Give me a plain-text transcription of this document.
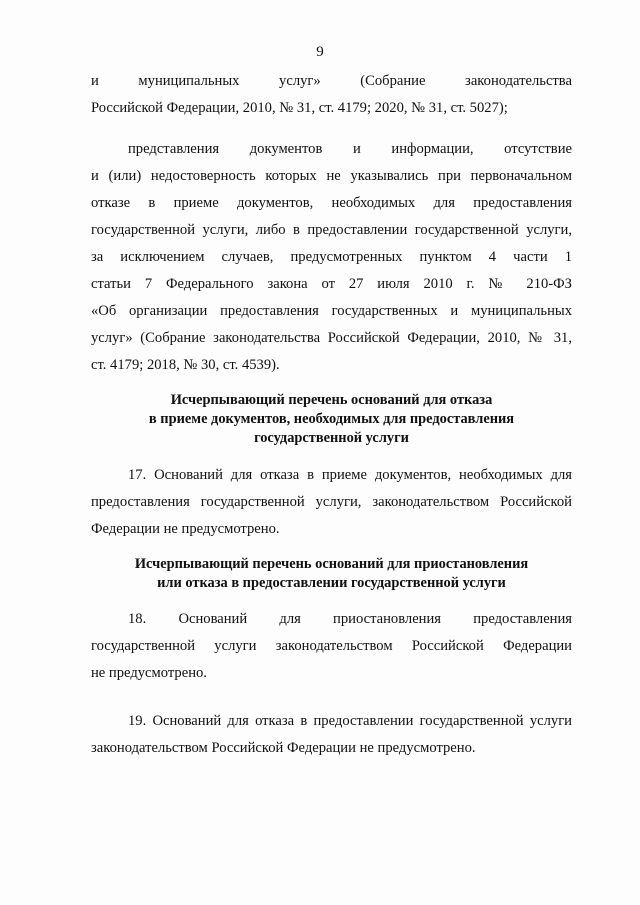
9

и муниципальных услуг» (Собрание законодательства
Российской Федерации, 2010, № 31, ст. 4179; 2020, № 31, ст. 5027);

представления документов и информации, отсутствие

и (или) недостоверность которых не указывались при первоначальном
отказе в приеме документов, необходимых для предоставления
государственной услуги, либо в предоставлении государственной услуги,
за исключением случаев, предусмотренных пунктом 4 части 1
статьи 7 Федерального закона от 27 июля 2010 г. № 210-ФЗ
«Об организации предоставления государственных и муниципальных
услуг» (Собрание законодательства Российской Федерации, 2010, № 31,
ст. 4179; 2018, № 30, ст. 4539).

Исчерпывающий перечень оснований для отказа
в приеме документов, необходимых для предоставления
государственной услуги

17. Оснований для отказа в приеме документов, необходимых для

предоставления государственной услуги, законодательством Российской
Федерации не предусмотрено.

Исчерпывающий перечень оснований для приостановления
или отказа в предоставлении государственной услуги

18. Оснований для приостановления предоставления

государственной услуги законодательством Российской Федерации
не предусмотрено.

19. Оснований для отказа в предоставлении государственной услуги

законодательством Российской Федерации не предусмотрено.
